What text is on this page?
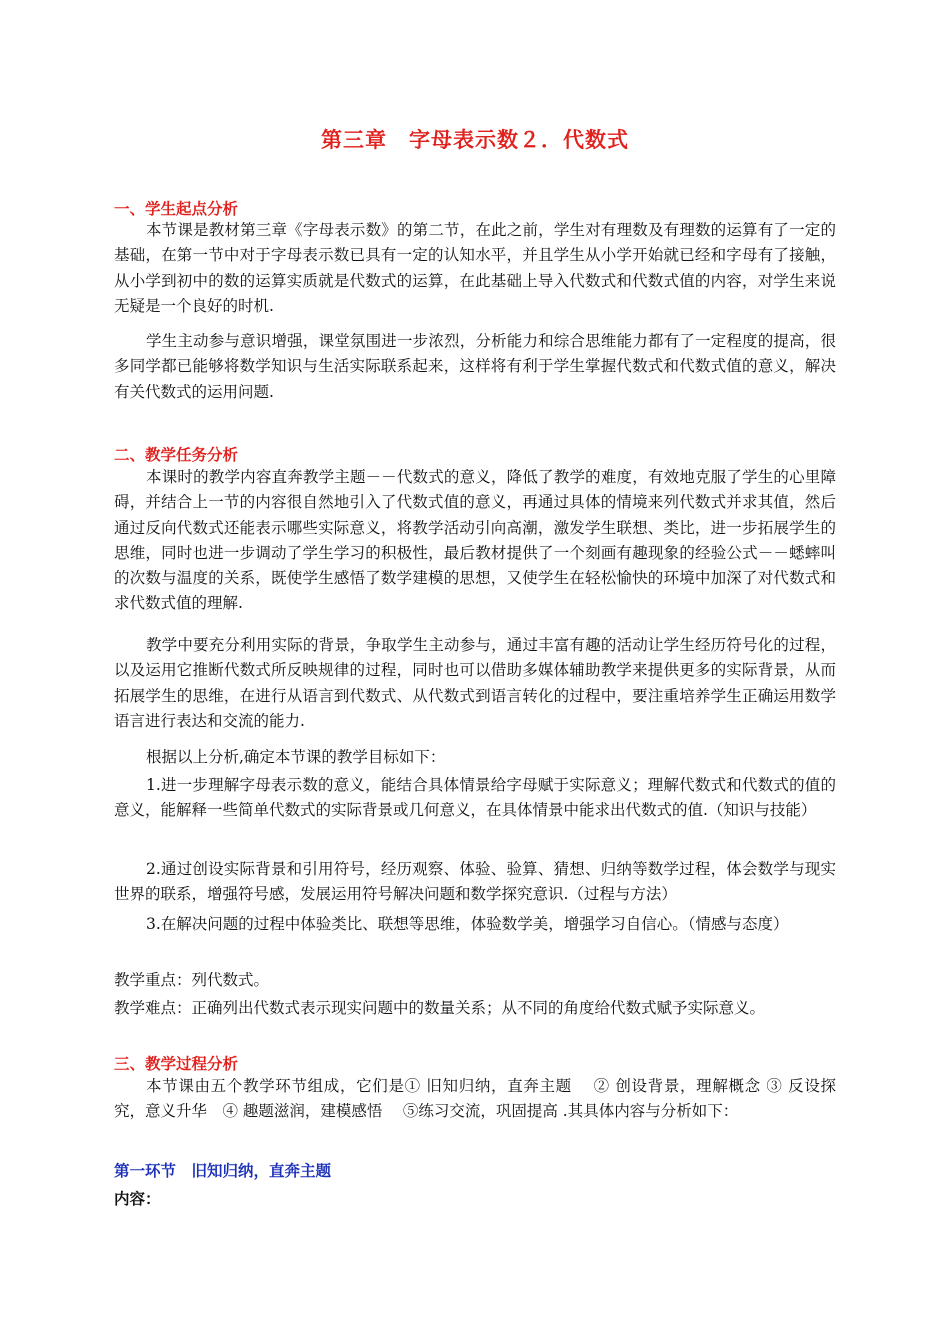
第三章　字母表示数２．代数式
一、学生起点分析

本节课是教材第三章《字母表示数》的第二节，在此之前，学生对有理数及有理数的运算有了一定的基础，在第一节中对于字母表示数已具有一定的认知水平，并且学生从小学开始就已经和字母有了接触，从小学到初中的数的运算实质就是代数式的运算，在此基础上导入代数式和代数式值的内容，对学生来说无疑是一个良好的时机.

学生主动参与意识增强，课堂氛围进一步浓烈，分析能力和综合思维能力都有了一定程度的提高，很多同学都已能够将数学知识与生活实际联系起来，这样将有利于学生掌握代数式和代数式值的意义，解决有关代数式的运用问题.

二、教学任务分析

本课时的教学内容直奔教学主题－－代数式的意义，降低了教学的难度，有效地克服了学生的心里障碍，并结合上一节的内容很自然地引入了代数式值的意义，再通过具体的情境来列代数式并求其值，然后通过反向代数式还能表示哪些实际意义，将教学活动引向高潮，激发学生联想、类比，进一步拓展学生的思维，同时也进一步调动了学生学习的积极性，最后教材提供了一个刻画有趣现象的经验公式－－蟋蟀叫的次数与温度的关系，既使学生感悟了数学建模的思想，又使学生在轻松愉快的环境中加深了对代数式和求代数式值的理解.

教学中要充分利用实际的背景，争取学生主动参与，通过丰富有趣的活动让学生经历符号化的过程，以及运用它推断代数式所反映规律的过程，同时也可以借助多媒体辅助教学来提供更多的实际背景，从而拓展学生的思维，在进行从语言到代数式、从代数式到语言转化的过程中，要注重培养学生正确运用数学语言进行表达和交流的能力.

根据以上分析,确定本节课的教学目标如下：

1.进一步理解字母表示数的意义，能结合具体情景给字母赋于实际意义；理解代数式和代数式的值的意义，能解释一些简单代数式的实际背景或几何意义，在具体情景中能求出代数式的值.（知识与技能）

2.通过创设实际背景和引用符号，经历观察、体验、验算、猜想、归纳等数学过程，体会数学与现实世界的联系，增强符号感，发展运用符号解决问题和数学探究意识.（过程与方法）

3.在解决问题的过程中体验类比、联想等思维，体验数学美，增强学习自信心。（情感与态度）

教学重点：列代数式。

教学难点：正确列出代数式表示现实问题中的数量关系；从不同的角度给代数式赋予实际意义。

三、教学过程分析

本节课由五个教学环节组成，它们是① 旧知归纳，直奔主题　 ② 创设背景，理解概念 ③ 反设探究，意义升华　④ 趣题滋润，建模感悟　 ⑤练习交流，巩固提高 .其具体内容与分析如下：

第一环节　旧知归纳，直奔主题
内容：
